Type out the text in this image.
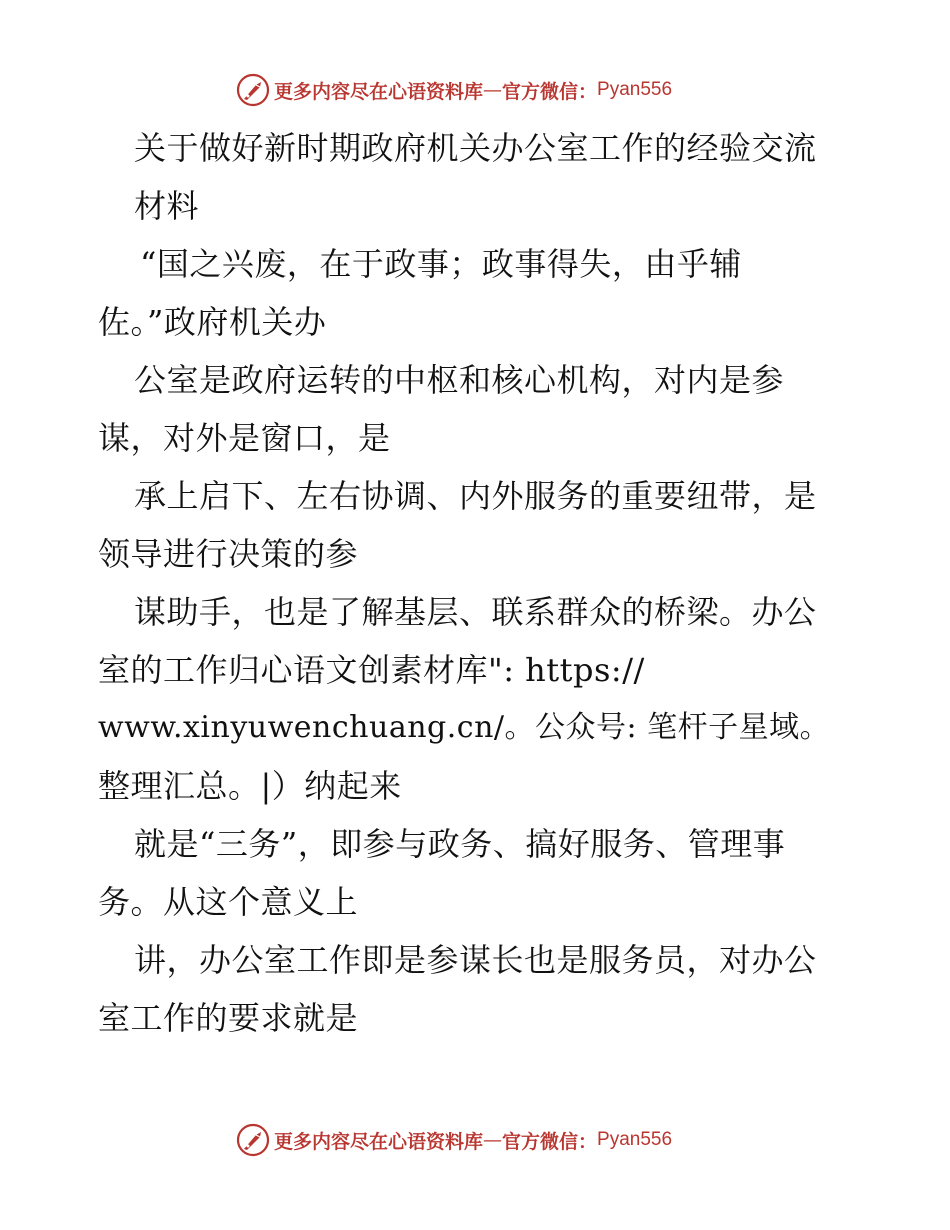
更多内容尽在心语资料库 — 官方微信： Pyan556
关于做好新时期政府机关办公室工作的经验交流
材料
“国之兴废，在于政事；政事得失，由乎辅
佐。”政府机关办
公室是政府运转的中枢和核心机构，对内是参
谋，对外是窗口，是
承上启下、左右协调、内外服务的重要纽带，是
领导进行决策的参
谋助手，也是了解基层、联系群众的桥梁。办公
室的工作归心语文创素材库": https://
www.xinyuwenchuang.cn/。公众号: 笔杆子星域。
整理汇总。|）纳起来
就是“三务”，即参与政务、搞好服务、管理事
务。从这个意义上
讲，办公室工作即是参谋长也是服务员，对办公
室工作的要求就是
更多内容尽在心语资料库 — 官方微信： Pyan556
